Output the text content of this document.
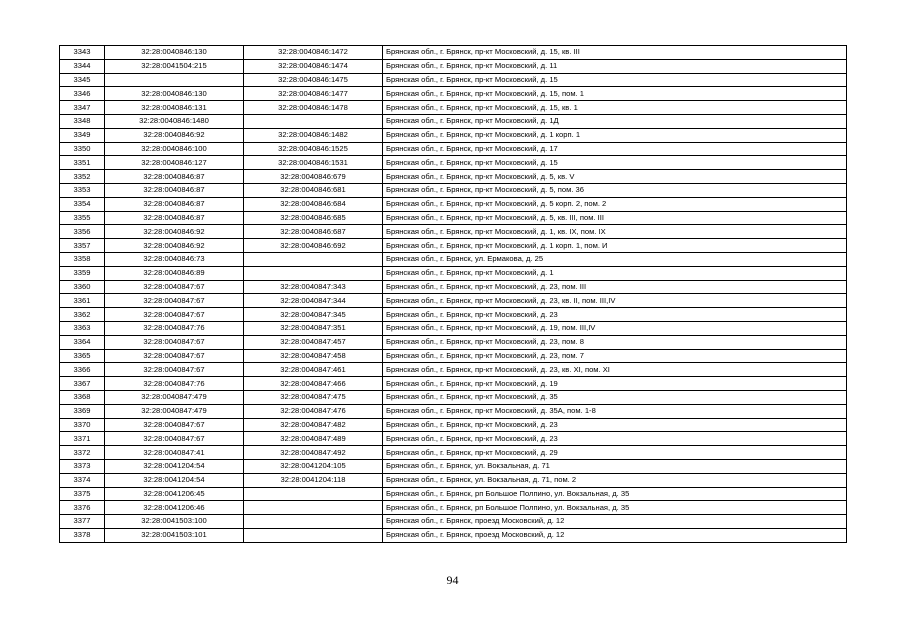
3343	32:28:0040846:130	32:28:0040846:1472	Брянская обл., г. Брянск, пр-кт Московский, д. 15, кв. III
3344	32:28:0041504:215	32:28:0040846:1474	Брянская обл., г. Брянск, пр-кт Московский, д. 11
3345		32:28:0040846:1475	Брянская обл., г. Брянск, пр-кт Московский, д. 15
3346	32:28:0040846:130	32:28:0040846:1477	Брянская обл., г. Брянск, пр-кт Московский, д. 15, пом. 1
3347	32:28:0040846:131	32:28:0040846:1478	Брянская обл., г. Брянск, пр-кт Московский, д. 15, кв. 1
3348	32:28:0040846:1480		Брянская обл., г. Брянск, пр-кт Московский, д. 1Д
3349	32:28:0040846:92	32:28:0040846:1482	Брянская обл., г. Брянск, пр-кт Московский, д. 1 корп. 1
3350	32:28:0040846:100	32:28:0040846:1525	Брянская обл., г. Брянск, пр-кт Московский, д. 17
3351	32:28:0040846:127	32:28:0040846:1531	Брянская обл., г. Брянск, пр-кт Московский, д. 15
3352	32:28:0040846:87	32:28:0040846:679	Брянская обл., г. Брянск, пр-кт Московский, д. 5, кв. V
3353	32:28:0040846:87	32:28:0040846:681	Брянская обл., г. Брянск, пр-кт Московский, д. 5, пом. 36
3354	32:28:0040846:87	32:28:0040846:684	Брянская обл., г. Брянск, пр-кт Московский, д. 5 корп. 2, пом. 2
3355	32:28:0040846:87	32:28:0040846:685	Брянская обл., г. Брянск, пр-кт Московский, д. 5, кв. III, пом. III
3356	32:28:0040846:92	32:28:0040846:687	Брянская обл., г. Брянск, пр-кт Московский, д. 1, кв. IX, пом. IX
3357	32:28:0040846:92	32:28:0040846:692	Брянская обл., г. Брянск, пр-кт Московский, д. 1 корп. 1, пом. И
3358	32:28:0040846:73		Брянская обл., г. Брянск, ул. Ермакова, д. 25
3359	32:28:0040846:89		Брянская обл., г. Брянск, пр-кт Московский, д. 1
3360	32:28:0040847:67	32:28:0040847:343	Брянская обл., г. Брянск, пр-кт Московский, д. 23, пом. III
3361	32:28:0040847:67	32:28:0040847:344	Брянская обл., г. Брянск, пр-кт Московский, д. 23, кв. II, пом. III,IV
3362	32:28:0040847:67	32:28:0040847:345	Брянская обл., г. Брянск, пр-кт Московский, д. 23
3363	32:28:0040847:76	32:28:0040847:351	Брянская обл., г. Брянск, пр-кт Московский, д. 19, пом. III,IV
3364	32:28:0040847:67	32:28:0040847:457	Брянская обл., г. Брянск, пр-кт Московский, д. 23, пом. 8
3365	32:28:0040847:67	32:28:0040847:458	Брянская обл., г. Брянск, пр-кт Московский, д. 23, пом. 7
3366	32:28:0040847:67	32:28:0040847:461	Брянская обл., г. Брянск, пр-кт Московский, д. 23, кв. XI, пом. XI
3367	32:28:0040847:76	32:28:0040847:466	Брянская обл., г. Брянск, пр-кт Московский, д. 19
3368	32:28:0040847:479	32:28:0040847:475	Брянская обл., г. Брянск, пр-кт Московский, д. 35
3369	32:28:0040847:479	32:28:0040847:476	Брянская обл., г. Брянск, пр-кт Московский, д. 35А, пом. 1-8
3370	32:28:0040847:67	32:28:0040847:482	Брянская обл., г. Брянск, пр-кт Московский, д. 23
3371	32:28:0040847:67	32:28:0040847:489	Брянская обл., г. Брянск, пр-кт Московский, д. 23
3372	32:28:0040847:41	32:28:0040847:492	Брянская обл., г. Брянск, пр-кт Московский, д. 29
3373	32:28:0041204:54	32:28:0041204:105	Брянская обл., г. Брянск, ул. Вокзальная, д. 71
3374	32:28:0041204:54	32:28:0041204:118	Брянская обл., г. Брянск, ул. Вокзальная, д. 71, пом. 2
3375	32:28:0041206:45		Брянская обл., г. Брянск, рп Большое Полпино, ул. Вокзальная, д. 35
3376	32:28:0041206:46		Брянская обл., г. Брянск, рп Большое Полпино, ул. Вокзальная, д. 35
3377	32:28:0041503:100		Брянская обл., г. Брянск, проезд Московский, д. 12
3378	32:28:0041503:101		Брянская обл., г. Брянск, проезд Московский, д. 12
94
